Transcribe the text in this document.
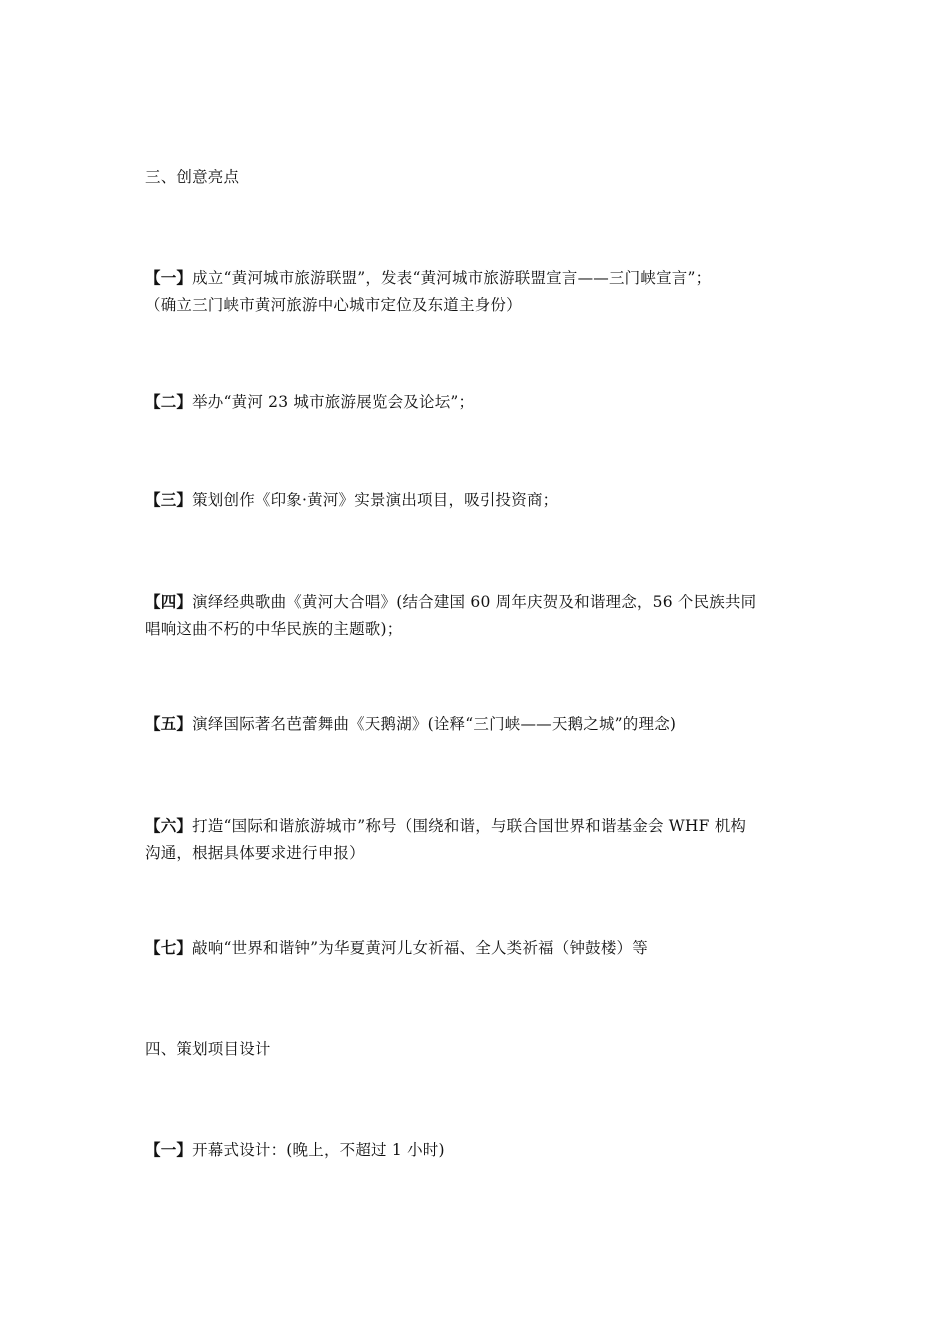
三、创意亮点
【一】成立“黄河城市旅游联盟”，发表“黄河城市旅游联盟宣言——三门峡宣言”；
（确立三门峡市黄河旅游中心城市定位及东道主身份）
【二】举办“黄河 23 城市旅游展览会及论坛”；
【三】策划创作《印象·黄河》实景演出项目，吸引投资商；
【四】演绎经典歌曲《黄河大合唱》(结合建国 60 周年庆贺及和谐理念，56 个民族共同
唱响这曲不朽的中华民族的主题歌)；
【五】演绎国际著名芭蕾舞曲《天鹅湖》(诠释“三门峡——天鹅之城”的理念)
【六】打造“国际和谐旅游城市”称号（围绕和谐，与联合国世界和谐基金会 WHF 机构
沟通，根据具体要求进行申报）
【七】敲响“世界和谐钟”为华夏黄河儿女祈福、全人类祈福（钟鼓楼）等
四、策划项目设计
【一】开幕式设计：(晚上，不超过 1 小时)
